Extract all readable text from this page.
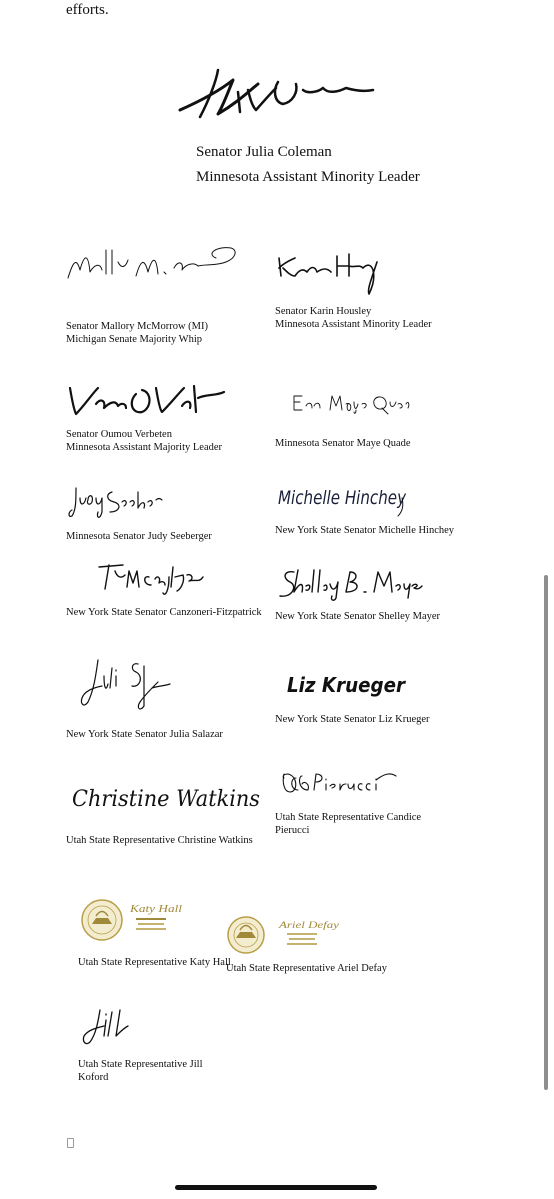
efforts.
Senator Julia Coleman
Minnesota Assistant Minority Leader
Senator Mallory McMorrow (MI)
Michigan Senate Majority Whip
Senator Karin Housley
Minnesota Assistant Minority Leader
Senator Oumou Verbeten
Minnesota Assistant Majority Leader	Minnesota Senator Maye Quade
Minnesota Senator Judy Seeberger
Michelle Hinchey
New York State Senator Michelle Hinchey
New York State Senator Canzoneri-Fitzpatrick New York State Senator Shelley Mayer
New York State Senator Julia Salazar
Liz Krueger
New York State Senator Liz Krueger
Christine Watkins
Utah State Representative Christine Watkins
Utah State Representative Candice
Pierucci
Katy Hall
Utah State Representative Katy Hall
Ariel Defay
Utah State Representative Ariel Defay
Utah State Representative Jill
Koford
